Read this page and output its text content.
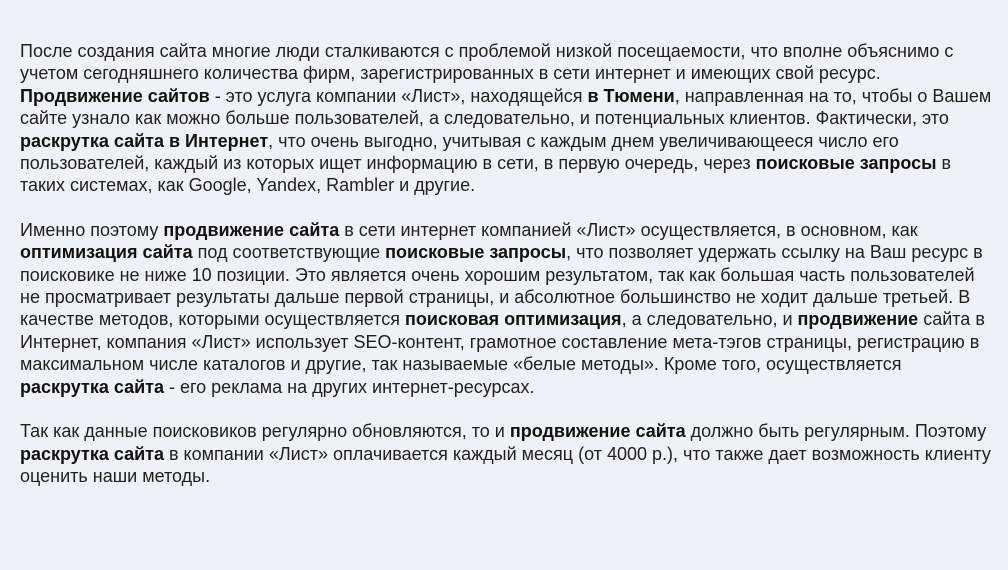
После создания сайта многие люди сталкиваются с проблемой низкой посещаемости, что вполне объяснимо с учетом сегодняшнего количества фирм, зарегистрированных в сети интернет и имеющих свой ресурс. Продвижение сайтов - это услуга компании «Лист», находящейся в Тюмени, направленная на то, чтобы о Вашем сайте узнало как можно больше пользователей, а следовательно, и потенциальных клиентов. Фактически, это раскрутка сайта в Интернет, что очень выгодно, учитывая с каждым днем увеличивающееся число его пользователей, каждый из которых ищет информацию в сети, в первую очередь, через поисковые запросы в таких системах, как Google, Yandex, Rambler и другие.

Именно поэтому продвижение сайта в сети интернет компанией «Лист» осуществляется, в основном, как оптимизация сайта под соответствующие поисковые запросы, что позволяет удержать ссылку на Ваш ресурс в поисковике не ниже 10 позиции. Это является очень хорошим результатом, так как большая часть пользователей не просматривает результаты дальше первой страницы, и абсолютное большинство не ходит дальше третьей. В качестве методов, которыми осуществляется поисковая оптимизация, а следовательно, и продвижение сайта в Интернет, компания «Лист» использует SEO-контент, грамотное составление мета-тэгов страницы, регистрацию в максимальном числе каталогов и другие, так называемые «белые методы». Кроме того, осуществляется раскрутка сайта - его реклама на других интернет-ресурсах.

Так как данные поисковиков регулярно обновляются, то и продвижение сайта должно быть регулярным. Поэтому раскрутка сайта в компании «Лист» оплачивается каждый месяц (от 4000 р.), что также дает возможность клиенту оценить наши методы.
